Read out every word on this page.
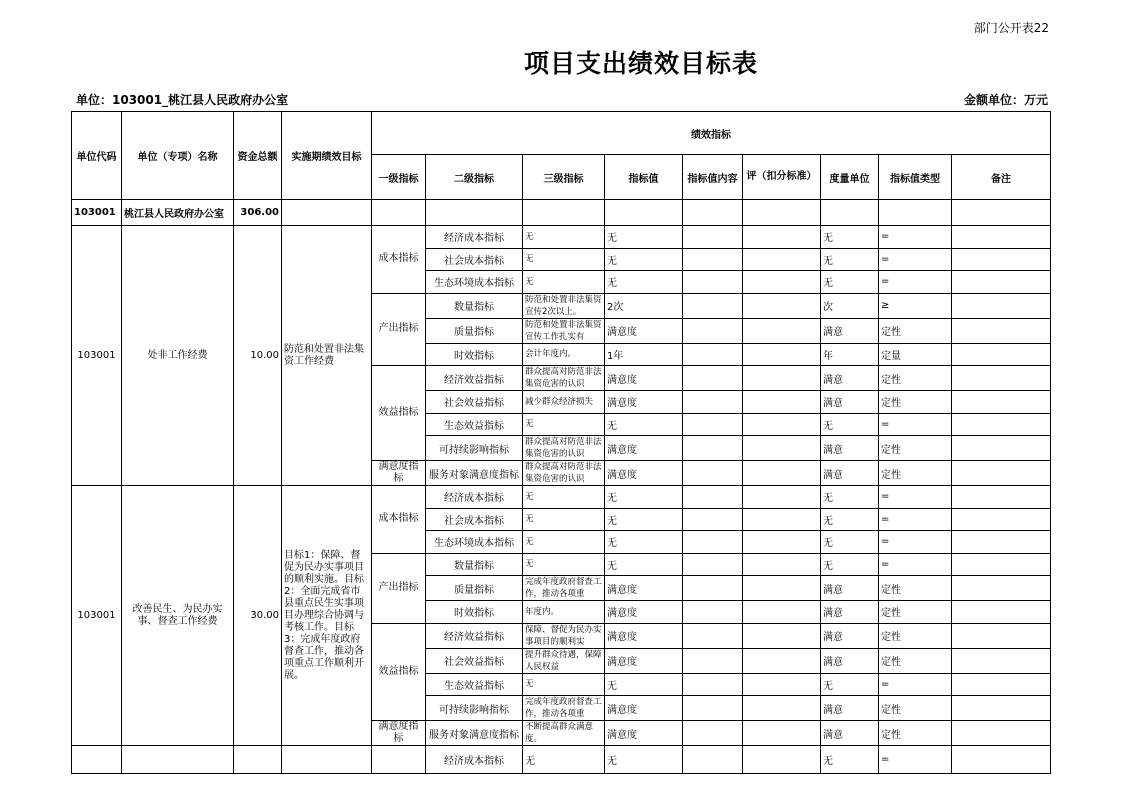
部门公开表22
项目支出绩效目标表
单位：103001_桃江县人民政府办公室	金额单位：万元
单位代码	单位（专项）名称	资金总额	实施期绩效目标	绩效指标								
				一级指标	二级指标	三级指标	指标值	指标值内容	评（扣分标准）	度量单位	指标值类型	备注
103001	桃江县人民政府办公室	306.00										
103001	处非工作经费	10.00	防范和处置非法集资工作经费	成本指标	经济成本指标	无	无			无	=	
					社会成本指标	无	无			无	=	
					生态环境成本指标	无	无			无	=	
				产出指标	数量指标	防范和处置非法集资宣传2次以上。	2次			次	≥	
					质量指标	防范和处置非法集资宣传工作扎实有	满意度			满意	定性	
					时效指标	会计年度内。	1年			年	定量	
				效益指标	经济效益指标	群众提高对防范非法集资危害的认识	满意度			满意	定性	
					社会效益指标	减少群众经济损失	满意度			满意	定性	
					生态效益指标	无	无			无	=	
					可持续影响指标	群众提高对防范非法集资危害的认识	满意度			满意	定性	
				满意度指标	服务对象满意度指标	群众提高对防范非法集资危害的认识	满意度			满意	定性	
103001	改善民生、为民办实事、督查工作经费	30.00	目标1：保障、督促为民办实事项目的顺利实施。目标2：全面完成省市县重点民生实事项目办理综合协调与考核工作。目标3：完成年度政府督查工作，推动各项重点工作顺利开展。	成本指标	经济成本指标	无	无			无	=	
					社会成本指标	无	无			无	=	
					生态环境成本指标	无	无			无	=	
				产出指标	数量指标	无	无			无	=	
					质量指标	完成年度政府督查工作，推动各项重	满意度			满意	定性	
					时效指标	年度内。	满意度			满意	定性	
				效益指标	经济效益指标	保障、督促为民办实事项目的顺利实	满意度			满意	定性	
					社会效益指标	提升群众待遇，保障人民权益	满意度			满意	定性	
					生态效益指标	无	无			无	=	
					可持续影响指标	完成年度政府督查工作，推动各项重	满意度			满意	定性	
				满意度指标	服务对象满意度指标	不断提高群众满意度。	满意度			满意	定性	
					经济成本指标	无	无			无	=	
